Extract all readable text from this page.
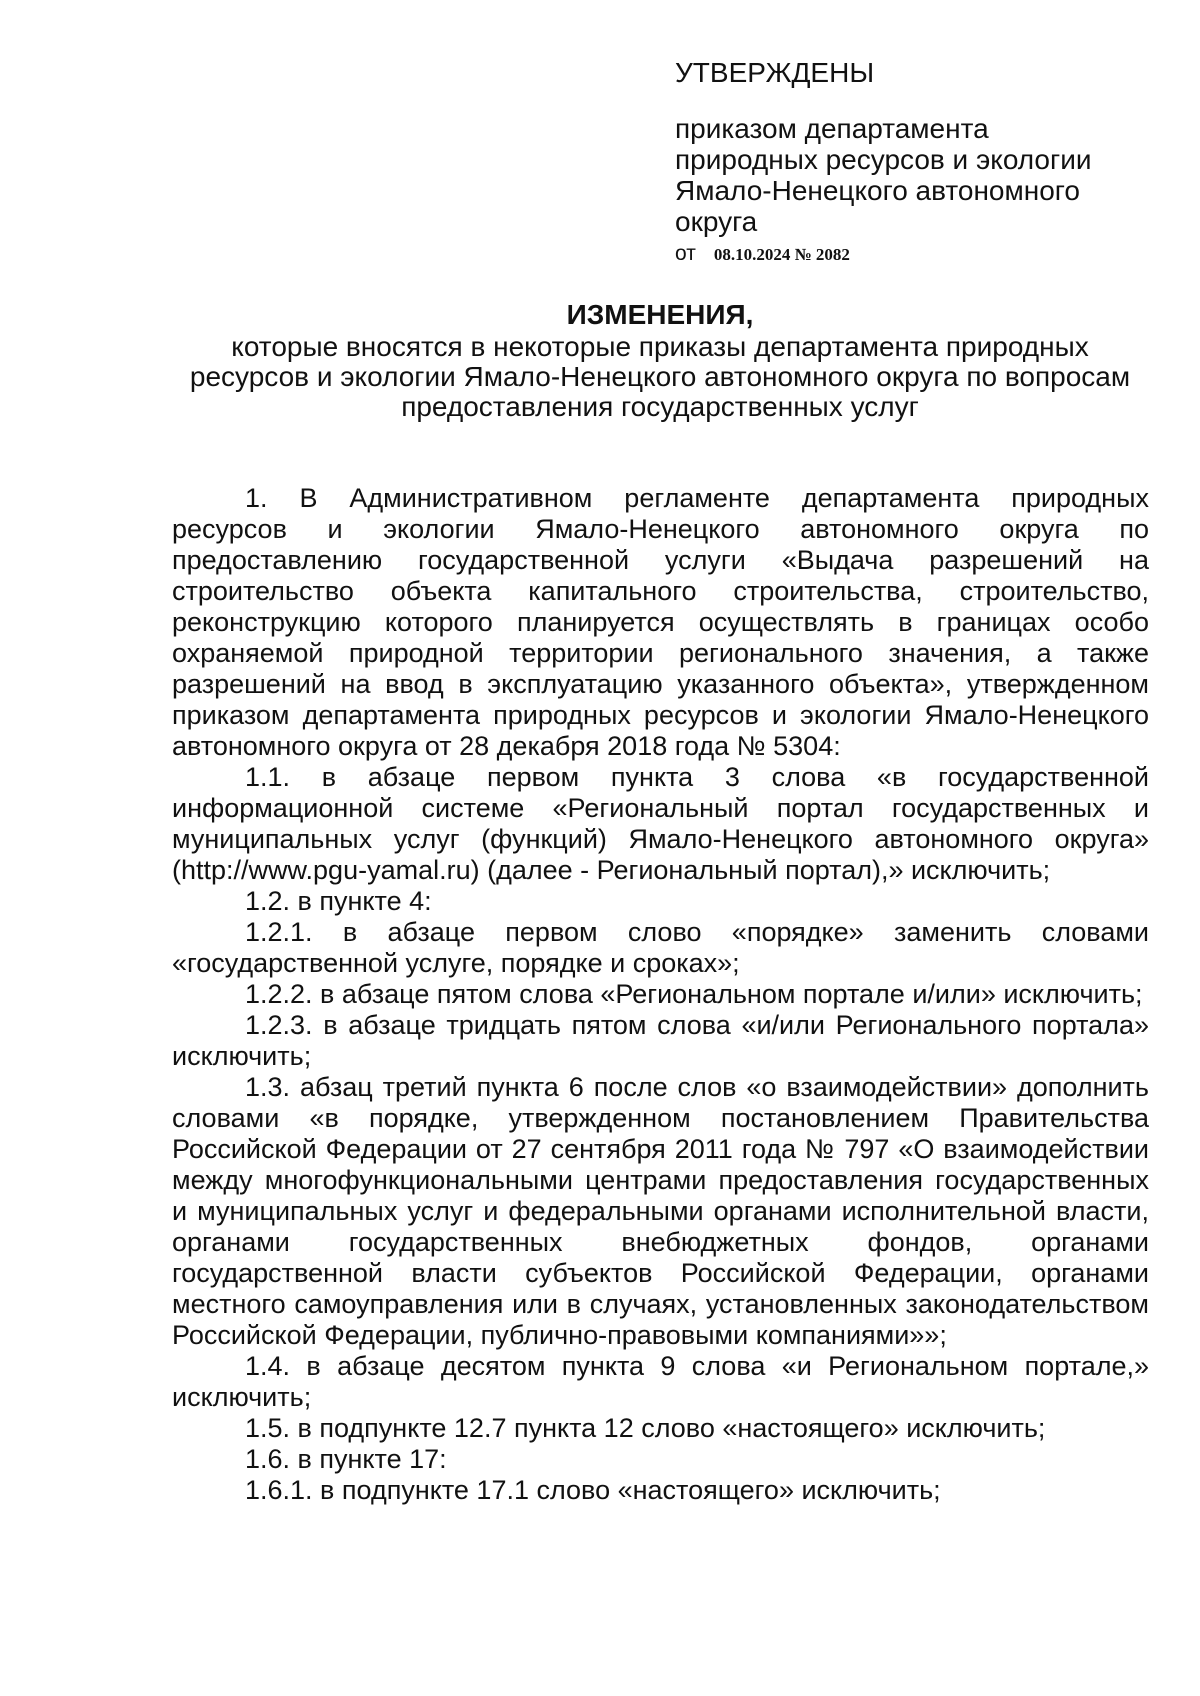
УТВЕРЖДЕНЫ
приказом департамента
природных ресурсов и экологии
Ямало-Ненецкого автономного
округа
от 08.10.2024 № 2082
ИЗМЕНЕНИЯ,
которые вносятся в некоторые приказы департамента природных ресурсов и экологии Ямало-Ненецкого автономного округа по вопросам предоставления государственных услуг

1. В Административном регламенте департамента природных ресурсов и экологии Ямало-Ненецкого автономного округа по предоставлению государственной услуги «Выдача разрешений на строительство объекта капитального строительства, строительство, реконструкцию которого планируется осуществлять в границах особо охраняемой природной территории регионального значения, а также разрешений на ввод в эксплуатацию указанного объекта», утвержденном приказом департамента природных ресурсов и экологии Ямало-Ненецкого автономного округа от 28 декабря 2018 года № 5304:

1.1. в абзаце первом пункта 3 слова «в государственной информационной системе «Региональный портал государственных и муниципальных услуг (функций) Ямало-Ненецкого автономного округа» (http://www.pgu-yamal.ru) (далее - Региональный портал),» исключить;

1.2. в пункте 4:

1.2.1. в абзаце первом слово «порядке» заменить словами «государственной услуге, порядке и сроках»;

1.2.2. в абзаце пятом слова «Региональном портале и/или» исключить;

1.2.3. в абзаце тридцать пятом слова «и/или Регионального портала» исключить;

1.3. абзац третий пункта 6 после слов «о взаимодействии» дополнить словами «в порядке, утвержденном постановлением Правительства Российской Федерации от 27 сентября 2011 года № 797 «О взаимодействии между многофункциональными центрами предоставления государственных и муниципальных услуг и федеральными органами исполнительной власти, органами государственных внебюджетных фондов, органами государственной власти субъектов Российской Федерации, органами местного самоуправления или в случаях, установленных законодательством Российской Федерации, публично-правовыми компаниями»»;

1.4. в абзаце десятом пункта 9 слова «и Региональном портале,» исключить;

1.5. в подпункте 12.7 пункта 12 слово «настоящего» исключить;

1.6. в пункте 17:

1.6.1. в подпункте 17.1 слово «настоящего» исключить;
